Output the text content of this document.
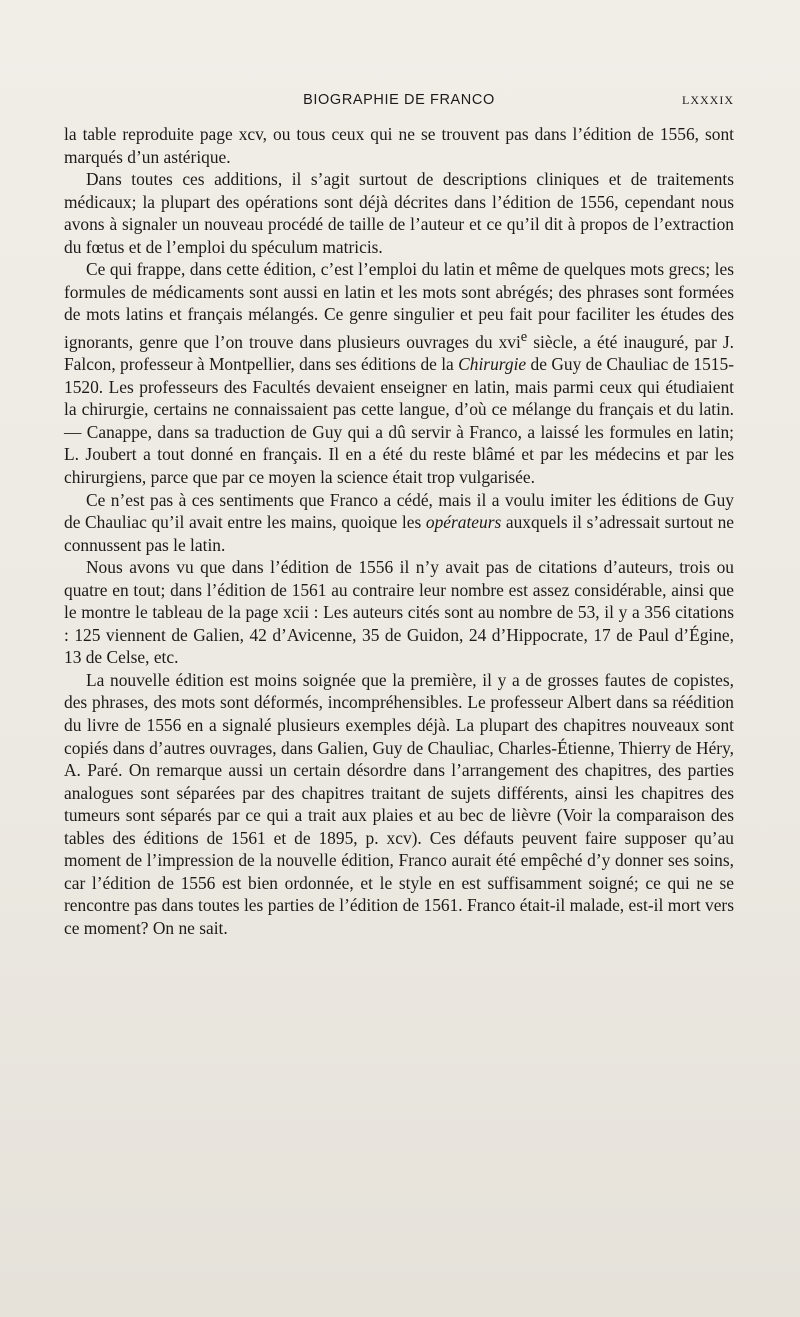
BIOGRAPHIE DE FRANCO	LXXXIX

la table reproduite page xcv, ou tous ceux qui ne se trouvent pas dans l’édition de 1556, sont marqués d’un astérique.

Dans toutes ces additions, il s’agit surtout de descriptions cliniques et de traitements médicaux; la plupart des opérations sont déjà décrites dans l’édition de 1556, cependant nous avons à signaler un nouveau procédé de taille de l’auteur et ce qu’il dit à propos de l’extraction du fœtus et de l’emploi du spéculum matricis.

Ce qui frappe, dans cette édition, c’est l’emploi du latin et même de quelques mots grecs; les formules de médicaments sont aussi en latin et les mots sont abrégés; des phrases sont formées de mots latins et français mélangés. Ce genre singulier et peu fait pour faciliter les études des ignorants, genre que l’on trouve dans plusieurs ouvrages du xvi$^e$ siècle, a été inauguré, par J. Falcon, professeur à Montpellier, dans ses éditions de la Chirurgie de Guy de Chauliac de 1515-1520. Les professeurs des Facultés devaient enseigner en latin, mais parmi ceux qui étudiaient la chirurgie, certains ne connaissaient pas cette langue, d’où ce mélange du français et du latin. — Canappe, dans sa traduction de Guy qui a dû servir à Franco, a laissé les formules en latin; L. Joubert a tout donné en français. Il en a été du reste blâmé et par les médecins et par les chirurgiens, parce que par ce moyen la science était trop vulgarisée.

Ce n’est pas à ces sentiments que Franco a cédé, mais il a voulu imiter les éditions de Guy de Chauliac qu’il avait entre les mains, quoique les opérateurs auxquels il s’adressait surtout ne connussent pas le latin.

Nous avons vu que dans l’édition de 1556 il n’y avait pas de citations d’auteurs, trois ou quatre en tout; dans l’édition de 1561 au contraire leur nombre est assez considérable, ainsi que le montre le tableau de la page xcii : Les auteurs cités sont au nombre de 53, il y a 356 citations : 125 viennent de Galien, 42 d’Avicenne, 35 de Guidon, 24 d’Hippocrate, 17 de Paul d’Égine, 13 de Celse, etc.

La nouvelle édition est moins soignée que la première, il y a de grosses fautes de copistes, des phrases, des mots sont déformés, incompréhensibles. Le professeur Albert dans sa réédition du livre de 1556 en a signalé plusieurs exemples déjà. La plupart des chapitres nouveaux sont copiés dans d’autres ouvrages, dans Galien, Guy de Chauliac, Charles-Étienne, Thierry de Héry, A. Paré. On remarque aussi un certain désordre dans l’arrangement des chapitres, des parties analogues sont séparées par des chapitres traitant de sujets différents, ainsi les chapitres des tumeurs sont séparés par ce qui a trait aux plaies et au bec de lièvre (Voir la comparaison des tables des éditions de 1561 et de 1895, p. xcv). Ces défauts peuvent faire supposer qu’au moment de l’impression de la nouvelle édition, Franco aurait été empêché d’y donner ses soins, car l’édition de 1556 est bien ordonnée, et le style en est suffisamment soigné; ce qui ne se rencontre pas dans toutes les parties de l’édition de 1561. Franco était-il malade, est-il mort vers ce moment? On ne sait.
